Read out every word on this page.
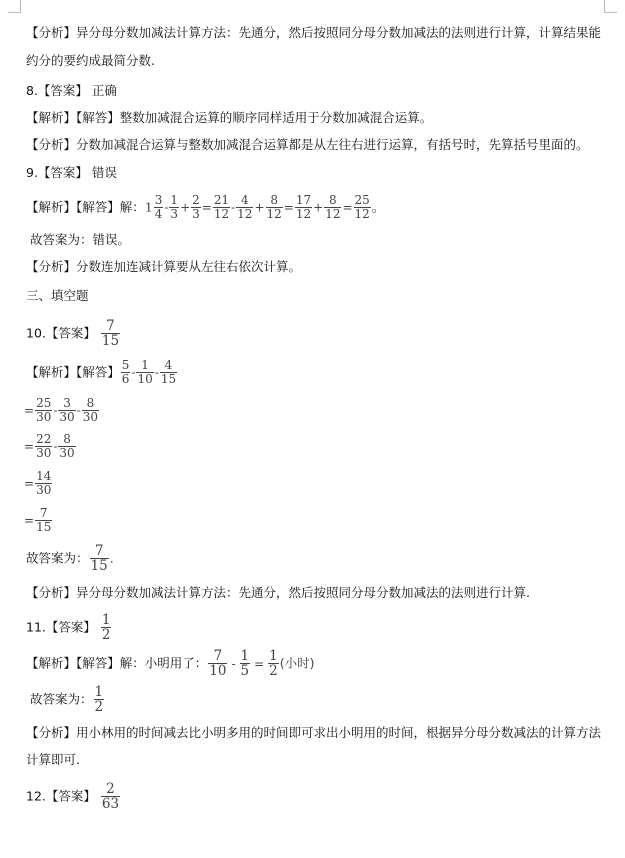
【分析】异分母分数加减法计算方法：先通分，然后按照同分母分数加减法的法则进行计算，计算结果能
约分的要约成最简分数.
8.【答案】 正确
【解析】【解答】整数加减混合运算的顺序同样适用于分数加减混合运算。
【分析】分数加减混合运算与整数加减混合运算都是从左往右进行运算，有括号时，先算括号里面的。
9.【答案】 错误
【解析】【解答】解：$1 \frac{3}{4} - \frac{1}{3} + \frac{2}{3} = \frac{21}{12} - \frac{4}{12} + \frac{8}{12} = \frac{17}{12} + \frac{8}{12} = \frac{25}{12}$ 。
故答案为：错误。
【分析】分数连加连减计算要从左往右依次计算。
三、填空题
10.【答案】 $\frac{7}{15}$
【解析】【解答】 $\frac{5}{6} - \frac{1}{10} - \frac{4}{15}$
= $\frac{25}{30} - \frac{3}{30} - \frac{8}{30}$
= $\frac{22}{30} - \frac{8}{30}$
= $\frac{14}{30}$
= $\frac{7}{15}$
故答案为： $\frac{7}{15}$ .
【分析】异分母分数加减法计算方法：先通分，然后按照同分母分数加减法的法则进行计算.
11.【答案】 $\frac{1}{2}$
【解析】【解答】解：小明用了： $\frac{7}{10} - \frac{1}{5} = \frac{1}{2}$ (小时)
故答案为： $\frac{1}{2}$
【分析】用小林用的时间减去比小明多用的时间即可求出小明用的时间，根据异分母分数减法的计算方法
计算即可.
12.【答案】 $\frac{2}{63}$
